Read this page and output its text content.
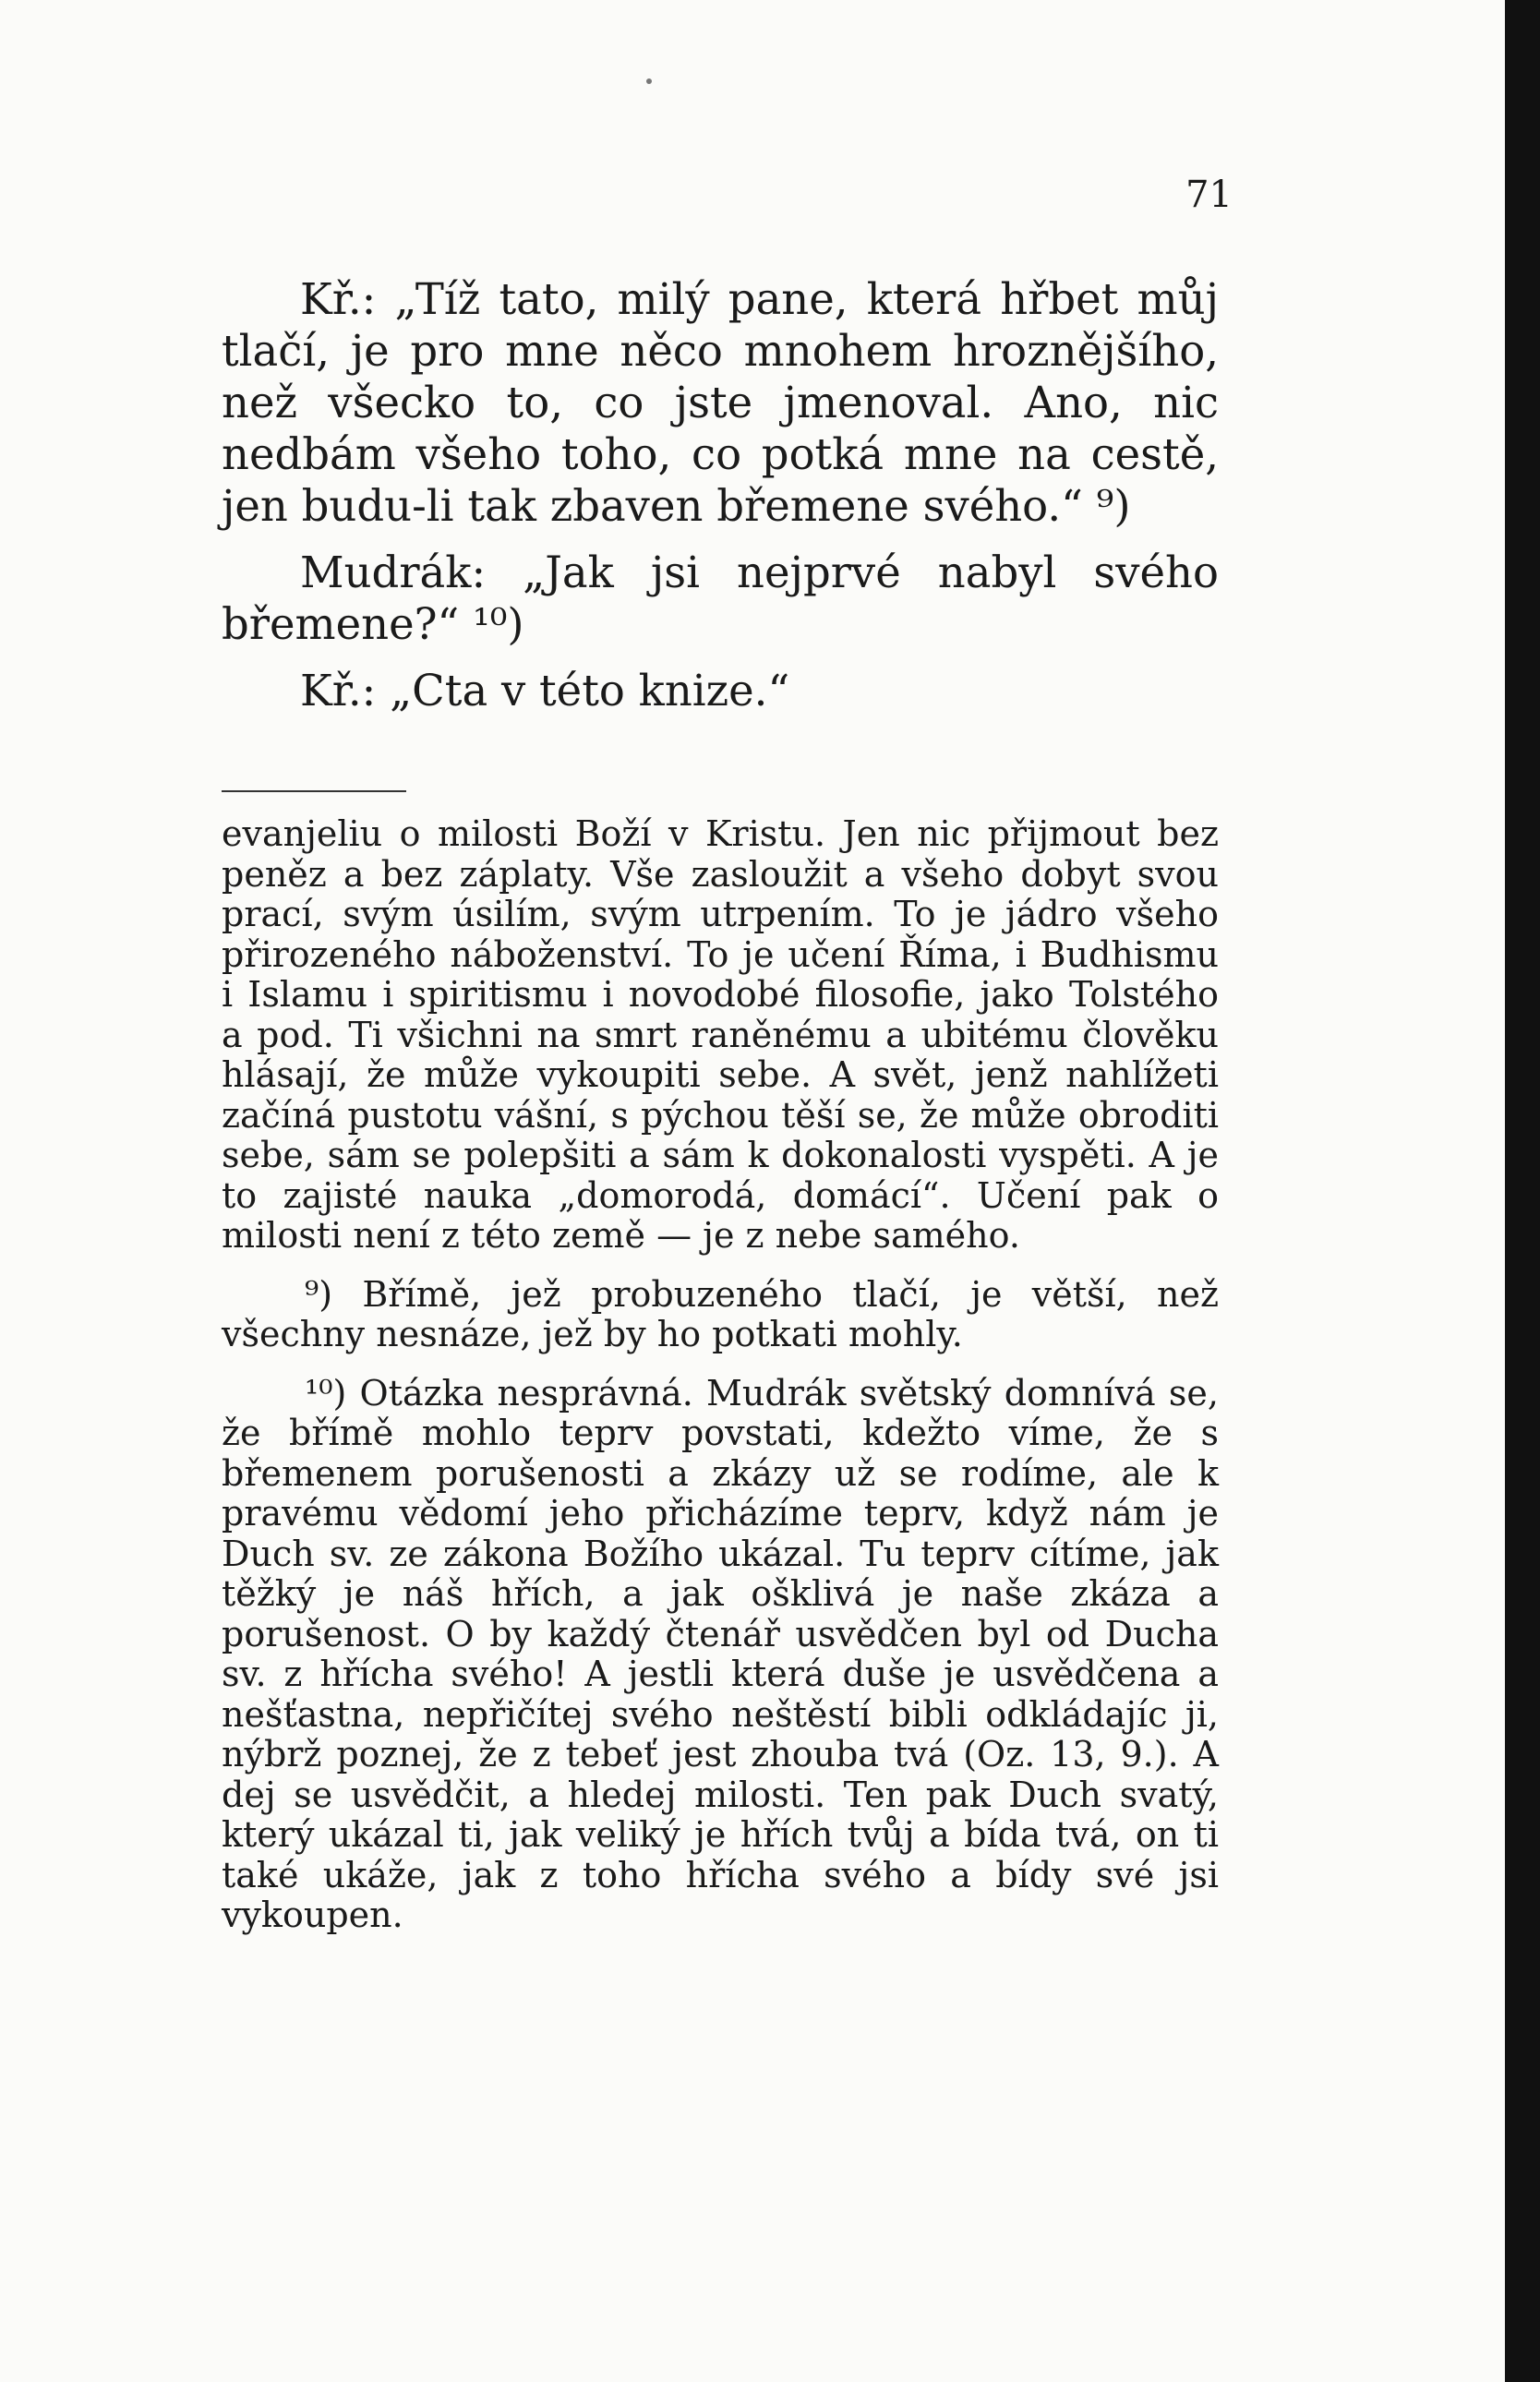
71

Kř.: „Tíž tato, milý pane, která hřbet můj tlačí, je pro mne něco mnohem hroznějšího, než všecko to, co jste jmenoval. Ano, nic nedbám všeho toho, co potká mne na cestě, jen budu-li tak zbaven břemene svého.“ ⁹)

Mudrák: „Jak jsi nejprvé nabyl svého břemene?“ ¹⁰)

Kř.: „Cta v této knize.“

evanjeliu o milosti Boží v Kristu. Jen nic přijmout bez peněz a bez záplaty. Vše zasloužit a všeho dobyt svou prací, svým úsilím, svým utrpením. To je jádro všeho přirozeného náboženství. To je učení Říma, i Budhismu i Islamu i spiritismu i novodobé filosofie, jako Tolstého a pod. Ti všichni na smrt raněnému a ubitému člověku hlásají, že může vykoupiti sebe. A svět, jenž nahlížeti začíná pustotu vášní, s pýchou těší se, že může obroditi sebe, sám se polepšiti a sám k dokonalosti vyspěti. A je to zajisté nauka „domorodá, domácí“. Učení pak o milosti není z této země — je z nebe samého.

⁹) Břímě, jež probuzeného tlačí, je větší, než všechny nesnáze, jež by ho potkati mohly.

¹⁰) Otázka nesprávná. Mudrák světský domnívá se, že břímě mohlo teprv povstati, kdežto víme, že s břemenem porušenosti a zkázy už se rodíme, ale k pravému vědomí jeho přicházíme teprv, když nám je Duch sv. ze zákona Božího ukázal. Tu teprv cítíme, jak těžký je náš hřích, a jak ošklivá je naše zkáza a porušenost. O by každý čtenář usvědčen byl od Ducha sv. z hřícha svého! A jestli která duše je usvědčena a nešťastna, nepřičítej svého neštěstí bibli odkládajíc ji, nýbrž poznej, že z tebeť jest zhouba tvá (Oz. 13, 9.). A dej se usvědčit, a hledej milosti. Ten pak Duch svatý, který ukázal ti, jak veliký je hřích tvůj a bída tvá, on ti také ukáže, jak z toho hřícha svého a bídy své jsi vykoupen.
